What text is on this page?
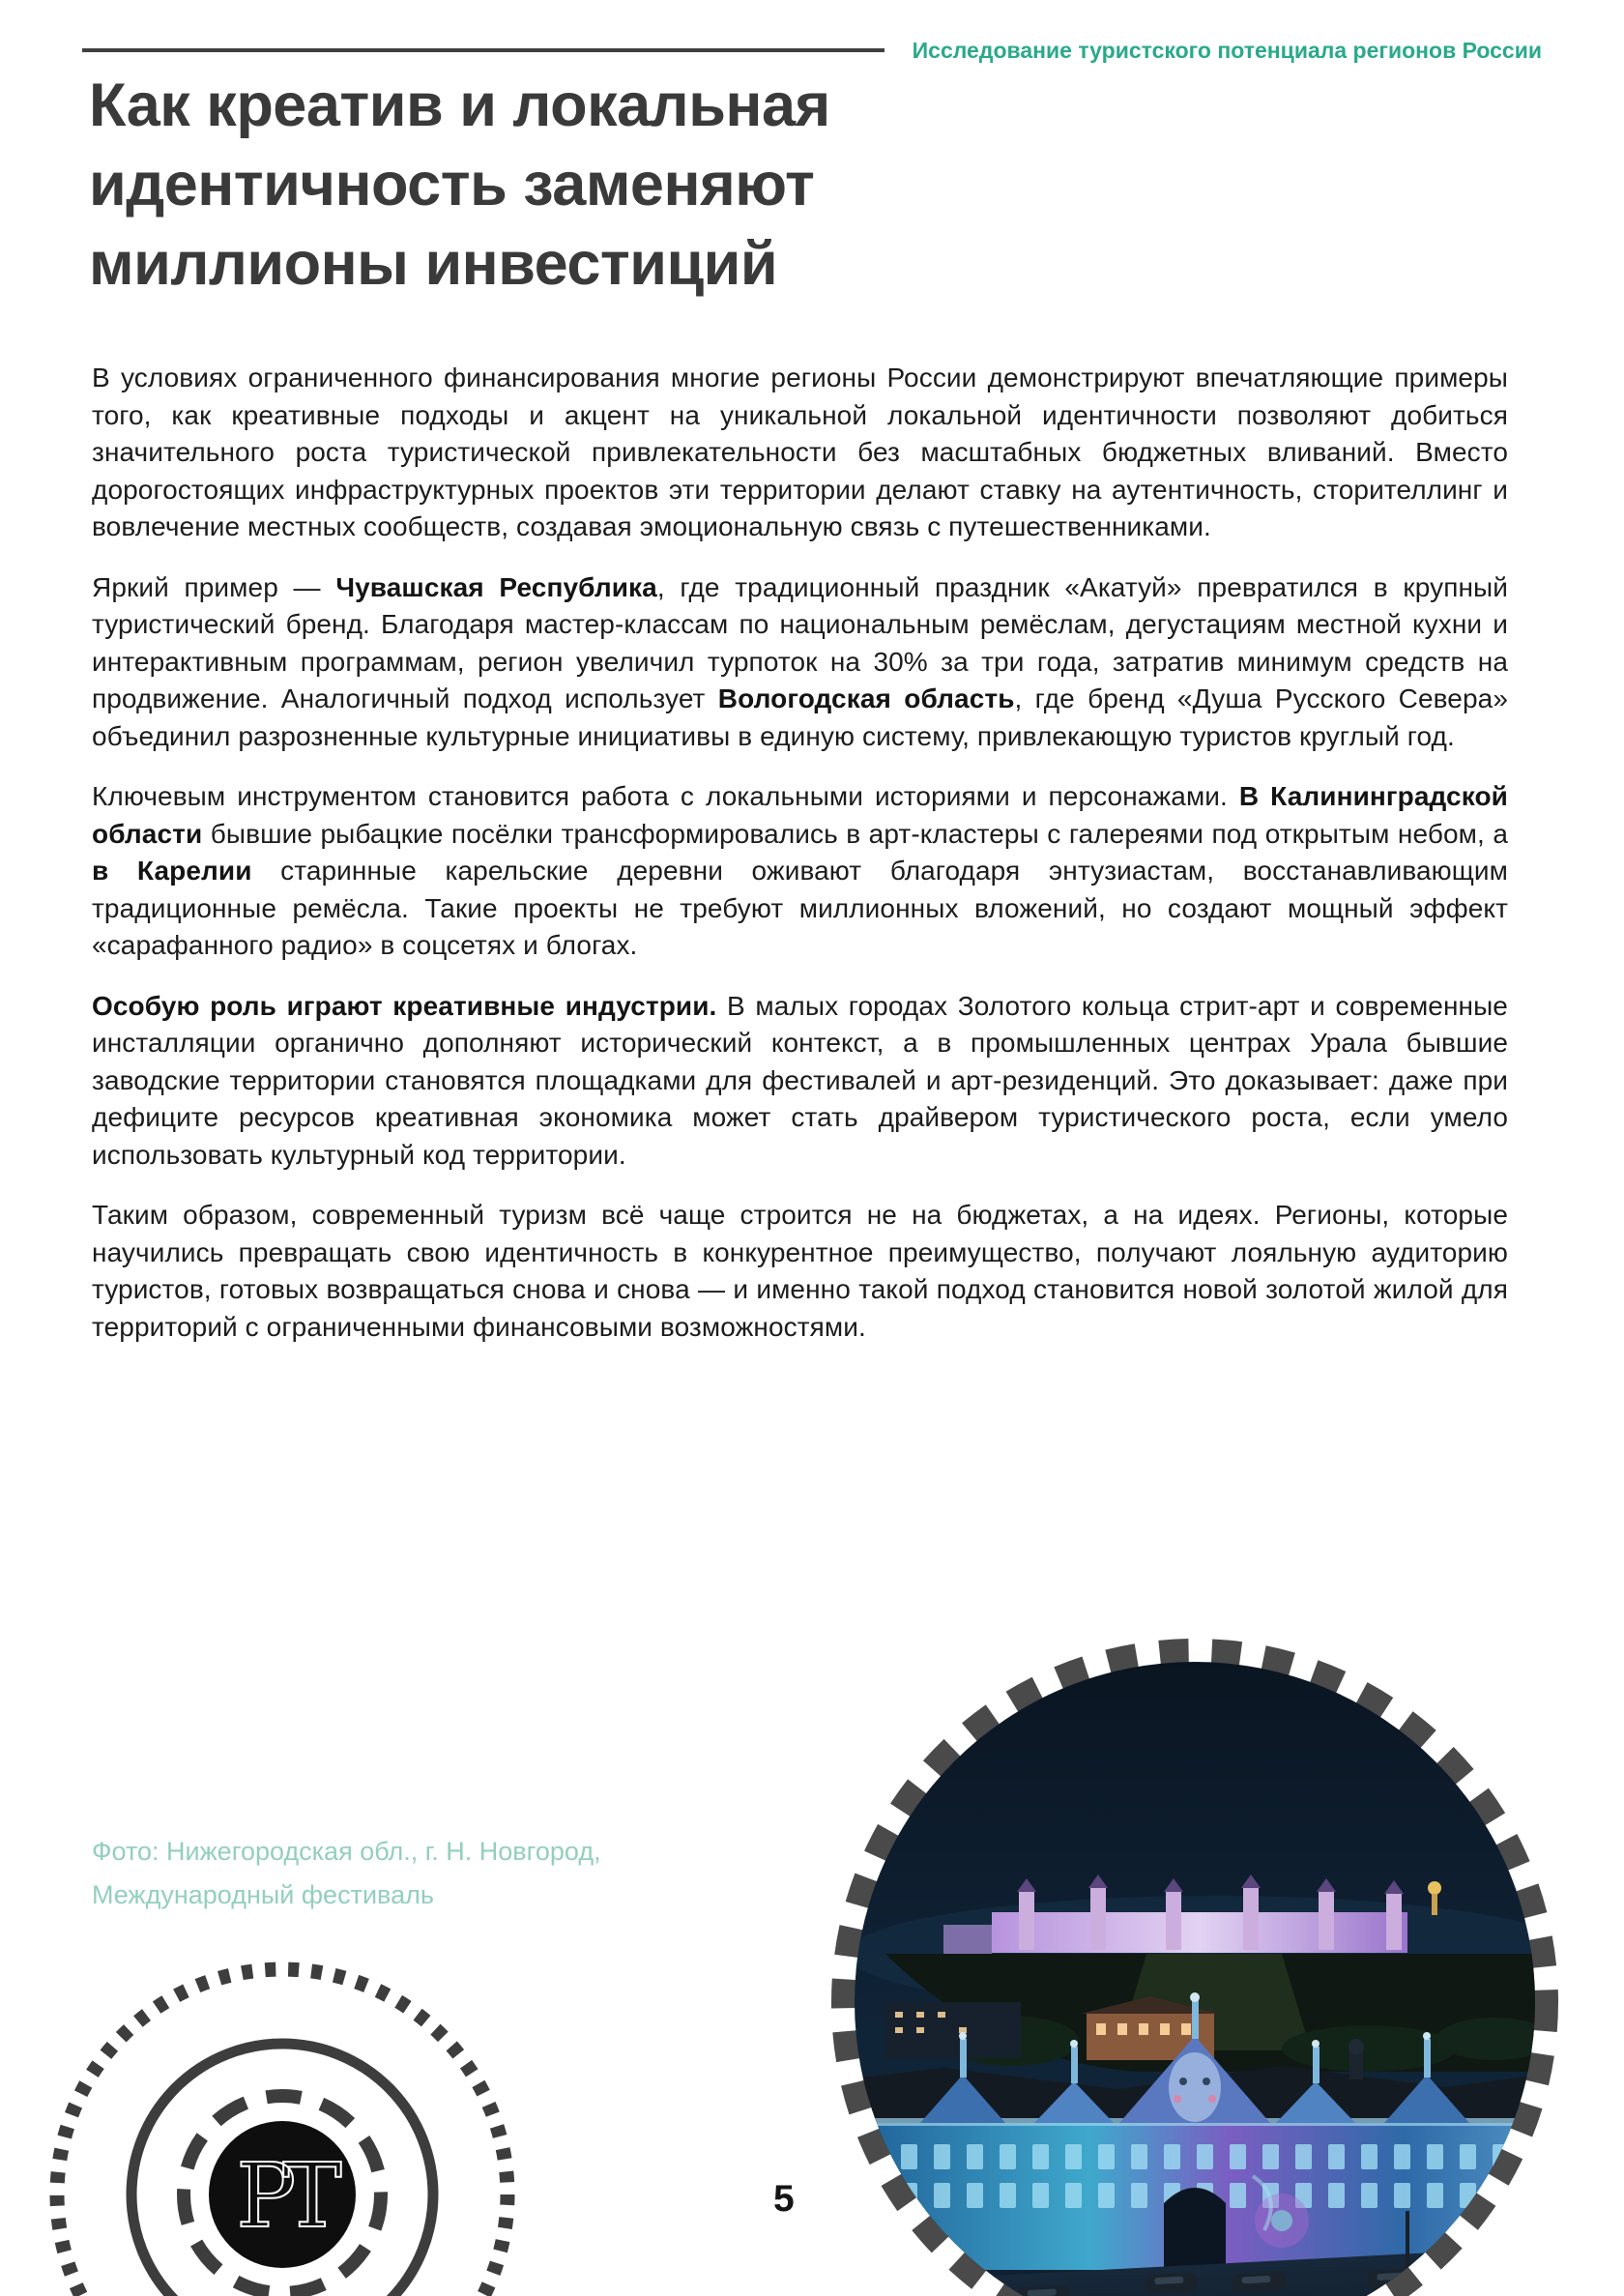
Исследование туристского потенциала регионов России
Как креатив и локальная
идентичность заменяют
миллионы инвестиций

В условиях ограниченного финансирования многие регионы России демонстрируют впечатляющие примеры того, как креативные подходы и акцент на уникальной локальной идентичности позволяют добиться значительного роста туристической привлекательности без масштабных бюджетных вливаний. Вместо дорогостоящих инфраструктурных проектов эти территории делают ставку на аутентичность, сторителлинг и вовлечение местных сообществ, создавая эмоциональную связь с путешественниками.

Яркий пример — Чувашская Республика, где традиционный праздник «Акатуй» превратился в крупный туристический бренд. Благодаря мастер-классам по национальным ремёслам, дегустациям местной кухни и интерактивным программам, регион увеличил турпоток на 30% за три года, затратив минимум средств на продвижение. Аналогичный подход использует Вологодская область, где бренд «Душа Русского Севера» объединил разрозненные культурные инициативы в единую систему, привлекающую туристов круглый год.

Ключевым инструментом становится работа с локальными историями и персонажами. В Калининградской области бывшие рыбацкие посёлки трансформировались в арт-кластеры с галереями под открытым небом, а в Карелии старинные карельские деревни оживают благодаря энтузиастам, восстанавливающим традиционные ремёсла. Такие проекты не требуют миллионных вложений, но создают мощный эффект «сарафанного радио» в соцсетях и блогах.

Особую роль играют креативные индустрии. В малых городах Золотого кольца стрит-арт и современные инсталляции органично дополняют исторический контекст, а в промышленных центрах Урала бывшие заводские территории становятся площадками для фестивалей и арт-резиденций. Это доказывает: даже при дефиците ресурсов креативная экономика может стать драйвером туристического роста, если умело использовать культурный код территории.

Таким образом, современный туризм всё чаще строится не на бюджетах, а на идеях. Регионы, которые научились превращать свою идентичность в конкурентное преимущество, получают лояльную аудиторию туристов, готовых возвращаться снова и снова — и именно такой подход становится новой золотой жилой для территорий с ограниченными финансовыми возможностями.

Фото: Нижегородская обл., г. Н. Новгород,
Международный фестиваль
5
РТ
